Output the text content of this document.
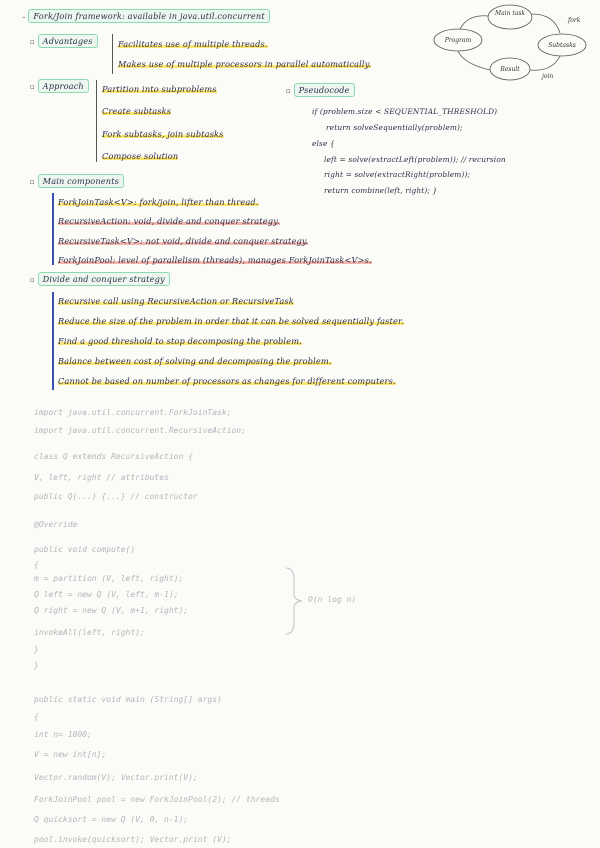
– Fork/Join framework: available in java.util.concurrent	Main task
Subtasks
Result
Program
fork
join
▫ Advantages	Facilitates use of multiple threads.
Makes use of multiple processors in parallel automatically.
▫ Approach	Partition into subproblems
Create subtasks
Fork subtasks, join subtasks
Compose solution
▫ Pseudocode
if (problem.size < SEQUENTIAL_THRESHOLD)
return solveSequentially(problem);
else {
left = solve(extractLeft(problem)); // recursion
right = solve(extractRight(problem));
return combine(left, right); }
▫ Main components
ForkJoinTask<V>: fork/join, lifter than thread.
RecursiveAction: void, divide and conquer strategy.
RecursiveTask<V>: not void, divide and conquer strategy.
ForkJoinPool: level of parallelism (threads), manages ForkJoinTask<V>s.
▫ Divide and conquer strategy
Recursive call using RecursiveAction or RecursiveTask
Reduce the size of the problem in order that it can be solved sequentially faster.
Find a good threshold to stop decomposing the problem.
Balance between cost of solving and decomposing the problem.
Cannot be based on number of processors as changes for different computers.
import java.util.concurrent.ForkJoinTask;
import java.util.concurrent.RecursiveAction;
class Q extends RecursiveAction {
V, left, right // attributes
public Q(...) {...} // constructor
@Override
public void compute()
{
m = partition (V, left, right);
Q left = new Q (V, left, m-1);
Q right = new Q (V, m+1, right);
invokeAll(left, right);
}
}
O(n log n)
public static void main (String[] args)
{
int n= 1000;
V = new int[n];
Vector.random(V); Vector.print(V);
ForkJoinPool pool = new ForkJoinPool(2); // threads
Q quicksort = new Q (V, 0, n-1);
pool.invoke(quicksort); Vector.print (V);
